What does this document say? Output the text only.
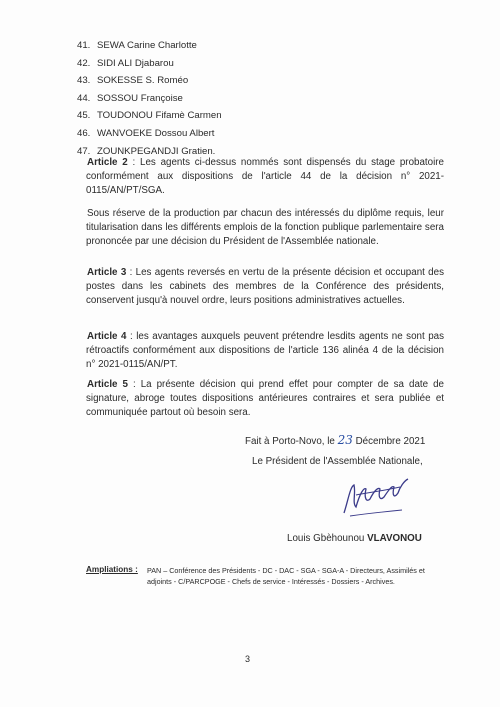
41. SEWA Carine Charlotte
42. SIDI ALI Djabarou
43. SOKESSE S. Roméo
44. SOSSOU Françoise
45. TOUDONOU Fifamè Carmen
46. WANVOEKE Dossou Albert
47. ZOUNKPEGANDJI Gratien.

Article 2 : Les agents ci-dessus nommés sont dispensés du stage probatoire conformément aux dispositions de l'article 44 de la décision n° 2021-0115/AN/PT/SGA.

Sous réserve de la production par chacun des intéressés du diplôme requis, leur titularisation dans les différents emplois de la fonction publique parlementaire sera prononcée par une décision du Président de l'Assemblée nationale.

Article 3 : Les agents reversés en vertu de la présente décision et occupant des postes dans les cabinets des membres de la Conférence des présidents, conservent jusqu'à nouvel ordre, leurs positions administratives actuelles.

Article 4 : les avantages auxquels peuvent prétendre lesdits agents ne sont pas rétroactifs conformément aux dispositions de l'article 136 alinéa 4 de la décision n° 2021-0115/AN/PT.

Article 5 : La présente décision qui prend effet pour compter de sa date de signature, abroge toutes dispositions antérieures contraires et sera publiée et communiquée partout où besoin sera.

Fait à Porto-Novo, le 23 Décembre 2021
Le Président de l'Assemblée Nationale,
Louis Gbèhounou VLAVONOU
Ampliations : PAN – Conférence des Présidents - DC - DAC - SGA - SGA-A - Directeurs, Assimilés et adjoints - C/PARCPOGE - Chefs de service - Intéressés - Dossiers - Archives.
3
